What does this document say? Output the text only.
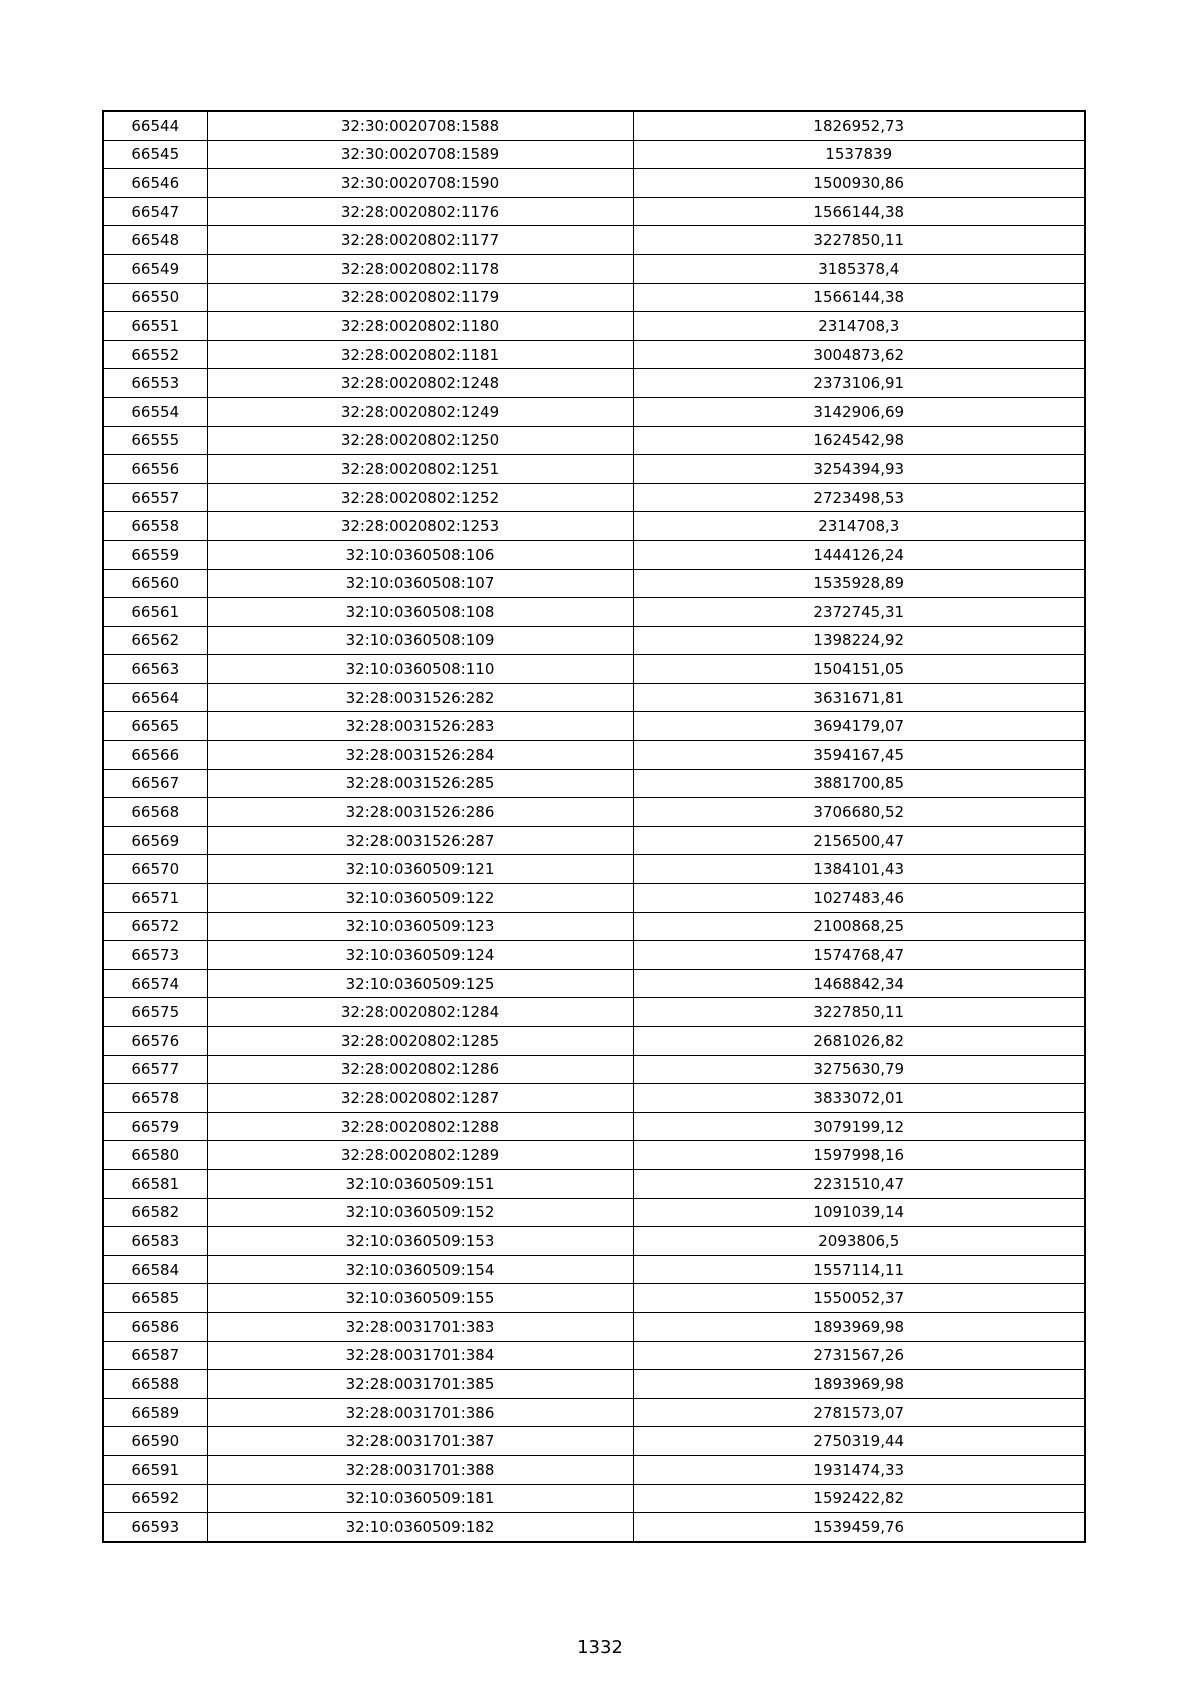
66544	32:30:0020708:1588	1826952,73
66545	32:30:0020708:1589	1537839
66546	32:30:0020708:1590	1500930,86
66547	32:28:0020802:1176	1566144,38
66548	32:28:0020802:1177	3227850,11
66549	32:28:0020802:1178	3185378,4
66550	32:28:0020802:1179	1566144,38
66551	32:28:0020802:1180	2314708,3
66552	32:28:0020802:1181	3004873,62
66553	32:28:0020802:1248	2373106,91
66554	32:28:0020802:1249	3142906,69
66555	32:28:0020802:1250	1624542,98
66556	32:28:0020802:1251	3254394,93
66557	32:28:0020802:1252	2723498,53
66558	32:28:0020802:1253	2314708,3
66559	32:10:0360508:106	1444126,24
66560	32:10:0360508:107	1535928,89
66561	32:10:0360508:108	2372745,31
66562	32:10:0360508:109	1398224,92
66563	32:10:0360508:110	1504151,05
66564	32:28:0031526:282	3631671,81
66565	32:28:0031526:283	3694179,07
66566	32:28:0031526:284	3594167,45
66567	32:28:0031526:285	3881700,85
66568	32:28:0031526:286	3706680,52
66569	32:28:0031526:287	2156500,47
66570	32:10:0360509:121	1384101,43
66571	32:10:0360509:122	1027483,46
66572	32:10:0360509:123	2100868,25
66573	32:10:0360509:124	1574768,47
66574	32:10:0360509:125	1468842,34
66575	32:28:0020802:1284	3227850,11
66576	32:28:0020802:1285	2681026,82
66577	32:28:0020802:1286	3275630,79
66578	32:28:0020802:1287	3833072,01
66579	32:28:0020802:1288	3079199,12
66580	32:28:0020802:1289	1597998,16
66581	32:10:0360509:151	2231510,47
66582	32:10:0360509:152	1091039,14
66583	32:10:0360509:153	2093806,5
66584	32:10:0360509:154	1557114,11
66585	32:10:0360509:155	1550052,37
66586	32:28:0031701:383	1893969,98
66587	32:28:0031701:384	2731567,26
66588	32:28:0031701:385	1893969,98
66589	32:28:0031701:386	2781573,07
66590	32:28:0031701:387	2750319,44
66591	32:28:0031701:388	1931474,33
66592	32:10:0360509:181	1592422,82
66593	32:10:0360509:182	1539459,76
1332
